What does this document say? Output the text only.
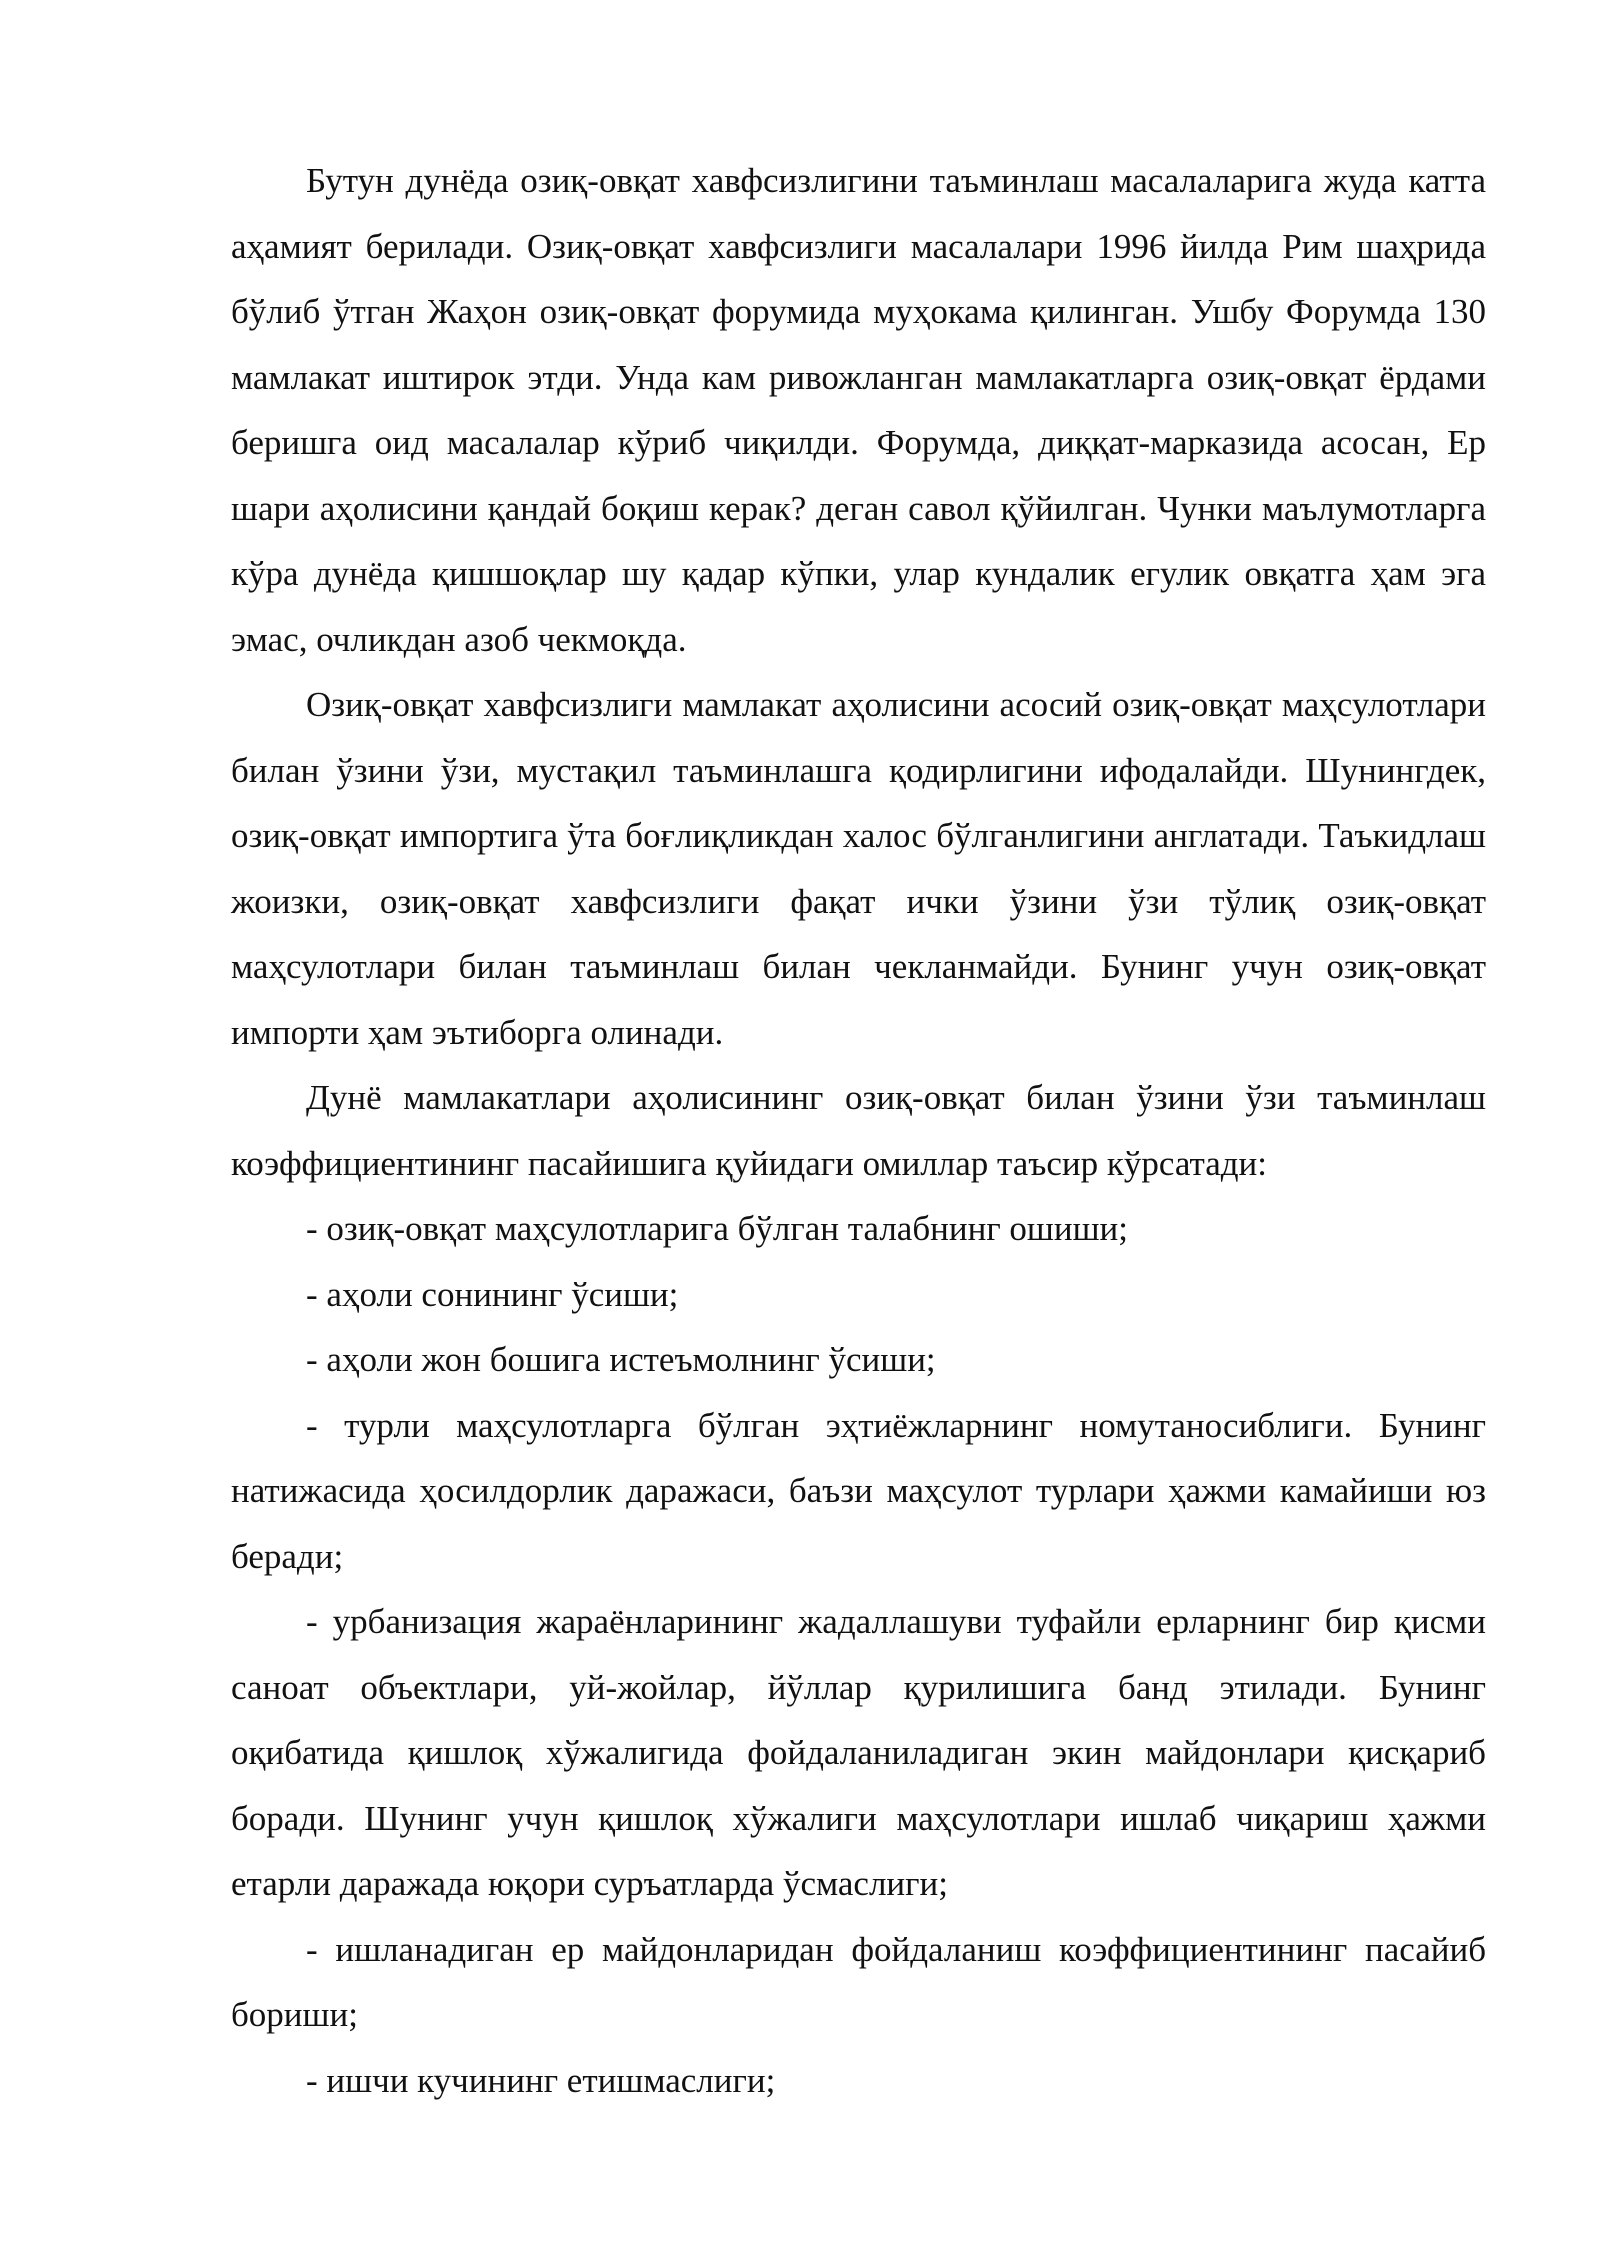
Бутун дунёда озиқ-овқат хавфсизлигини таъминлаш масалаларига жуда катта аҳамият берилади. Озиқ-овқат хавфсизлиги масалалари 1996 йилда Рим шаҳрида бўлиб ўтган Жаҳон озиқ-овқат форумида муҳокама қилинган. Ушбу Форумда 130 мамлакат иштирок этди. Унда кам ривожланган мамлакатларга озиқ-овқат ёрдами беришга оид масалалар кўриб чиқилди. Форумда, диққат-марказида асосан, Ер шари аҳолисини қандай боқиш керак? деган савол қўйилган. Чунки маълумотларга кўра дунёда қишшоқлар шу қадар кўпки, улар кундалик егулик овқатга ҳам эга эмас, очликдан азоб чекмоқда.

Озиқ-овқат хавфсизлиги мамлакат аҳолисини асосий озиқ-овқат маҳсулотлари билан ўзини ўзи, мустақил таъминлашга қодирлигини ифодалайди. Шунингдек, озиқ-овқат импортига ўта боғлиқликдан халос бўлганлигини англатади. Таъкидлаш жоизки, озиқ-овқат хавфсизлиги фақат ички ўзини ўзи тўлиқ озиқ-овқат маҳсулотлари билан таъминлаш билан чекланмайди. Бунинг учун озиқ-овқат импорти ҳам эътиборга олинади.

Дунё мамлакатлари аҳолисининг озиқ-овқат билан ўзини ўзи таъминлаш коэффициентининг пасайишига қуйидаги омиллар таъсир кўрсатади:

- озиқ-овқат маҳсулотларига бўлган талабнинг ошиши;

- аҳоли сонининг ўсиши;

- аҳоли жон бошига истеъмолнинг ўсиши;

- турли маҳсулотларга бўлган эҳтиёжларнинг номутаносиблиги. Бунинг натижасида ҳосилдорлик даражаси, баъзи маҳсулот турлари ҳажми камайиши юз беради;

- урбанизация жараёнларининг жадаллашуви туфайли ерларнинг бир қисми саноат объектлари, уй-жойлар, йўллар қурилишига банд этилади. Бунинг оқибатида қишлоқ хўжалигида фойдаланиладиган экин майдонлари қисқариб боради. Шунинг учун қишлоқ хўжалиги маҳсулотлари ишлаб чиқариш ҳажми етарли даражада юқори суръатларда ўсмаслиги;

- ишланадиган ер майдонларидан фойдаланиш коэффициентининг пасайиб бориши;

- ишчи кучининг етишмаслиги;
